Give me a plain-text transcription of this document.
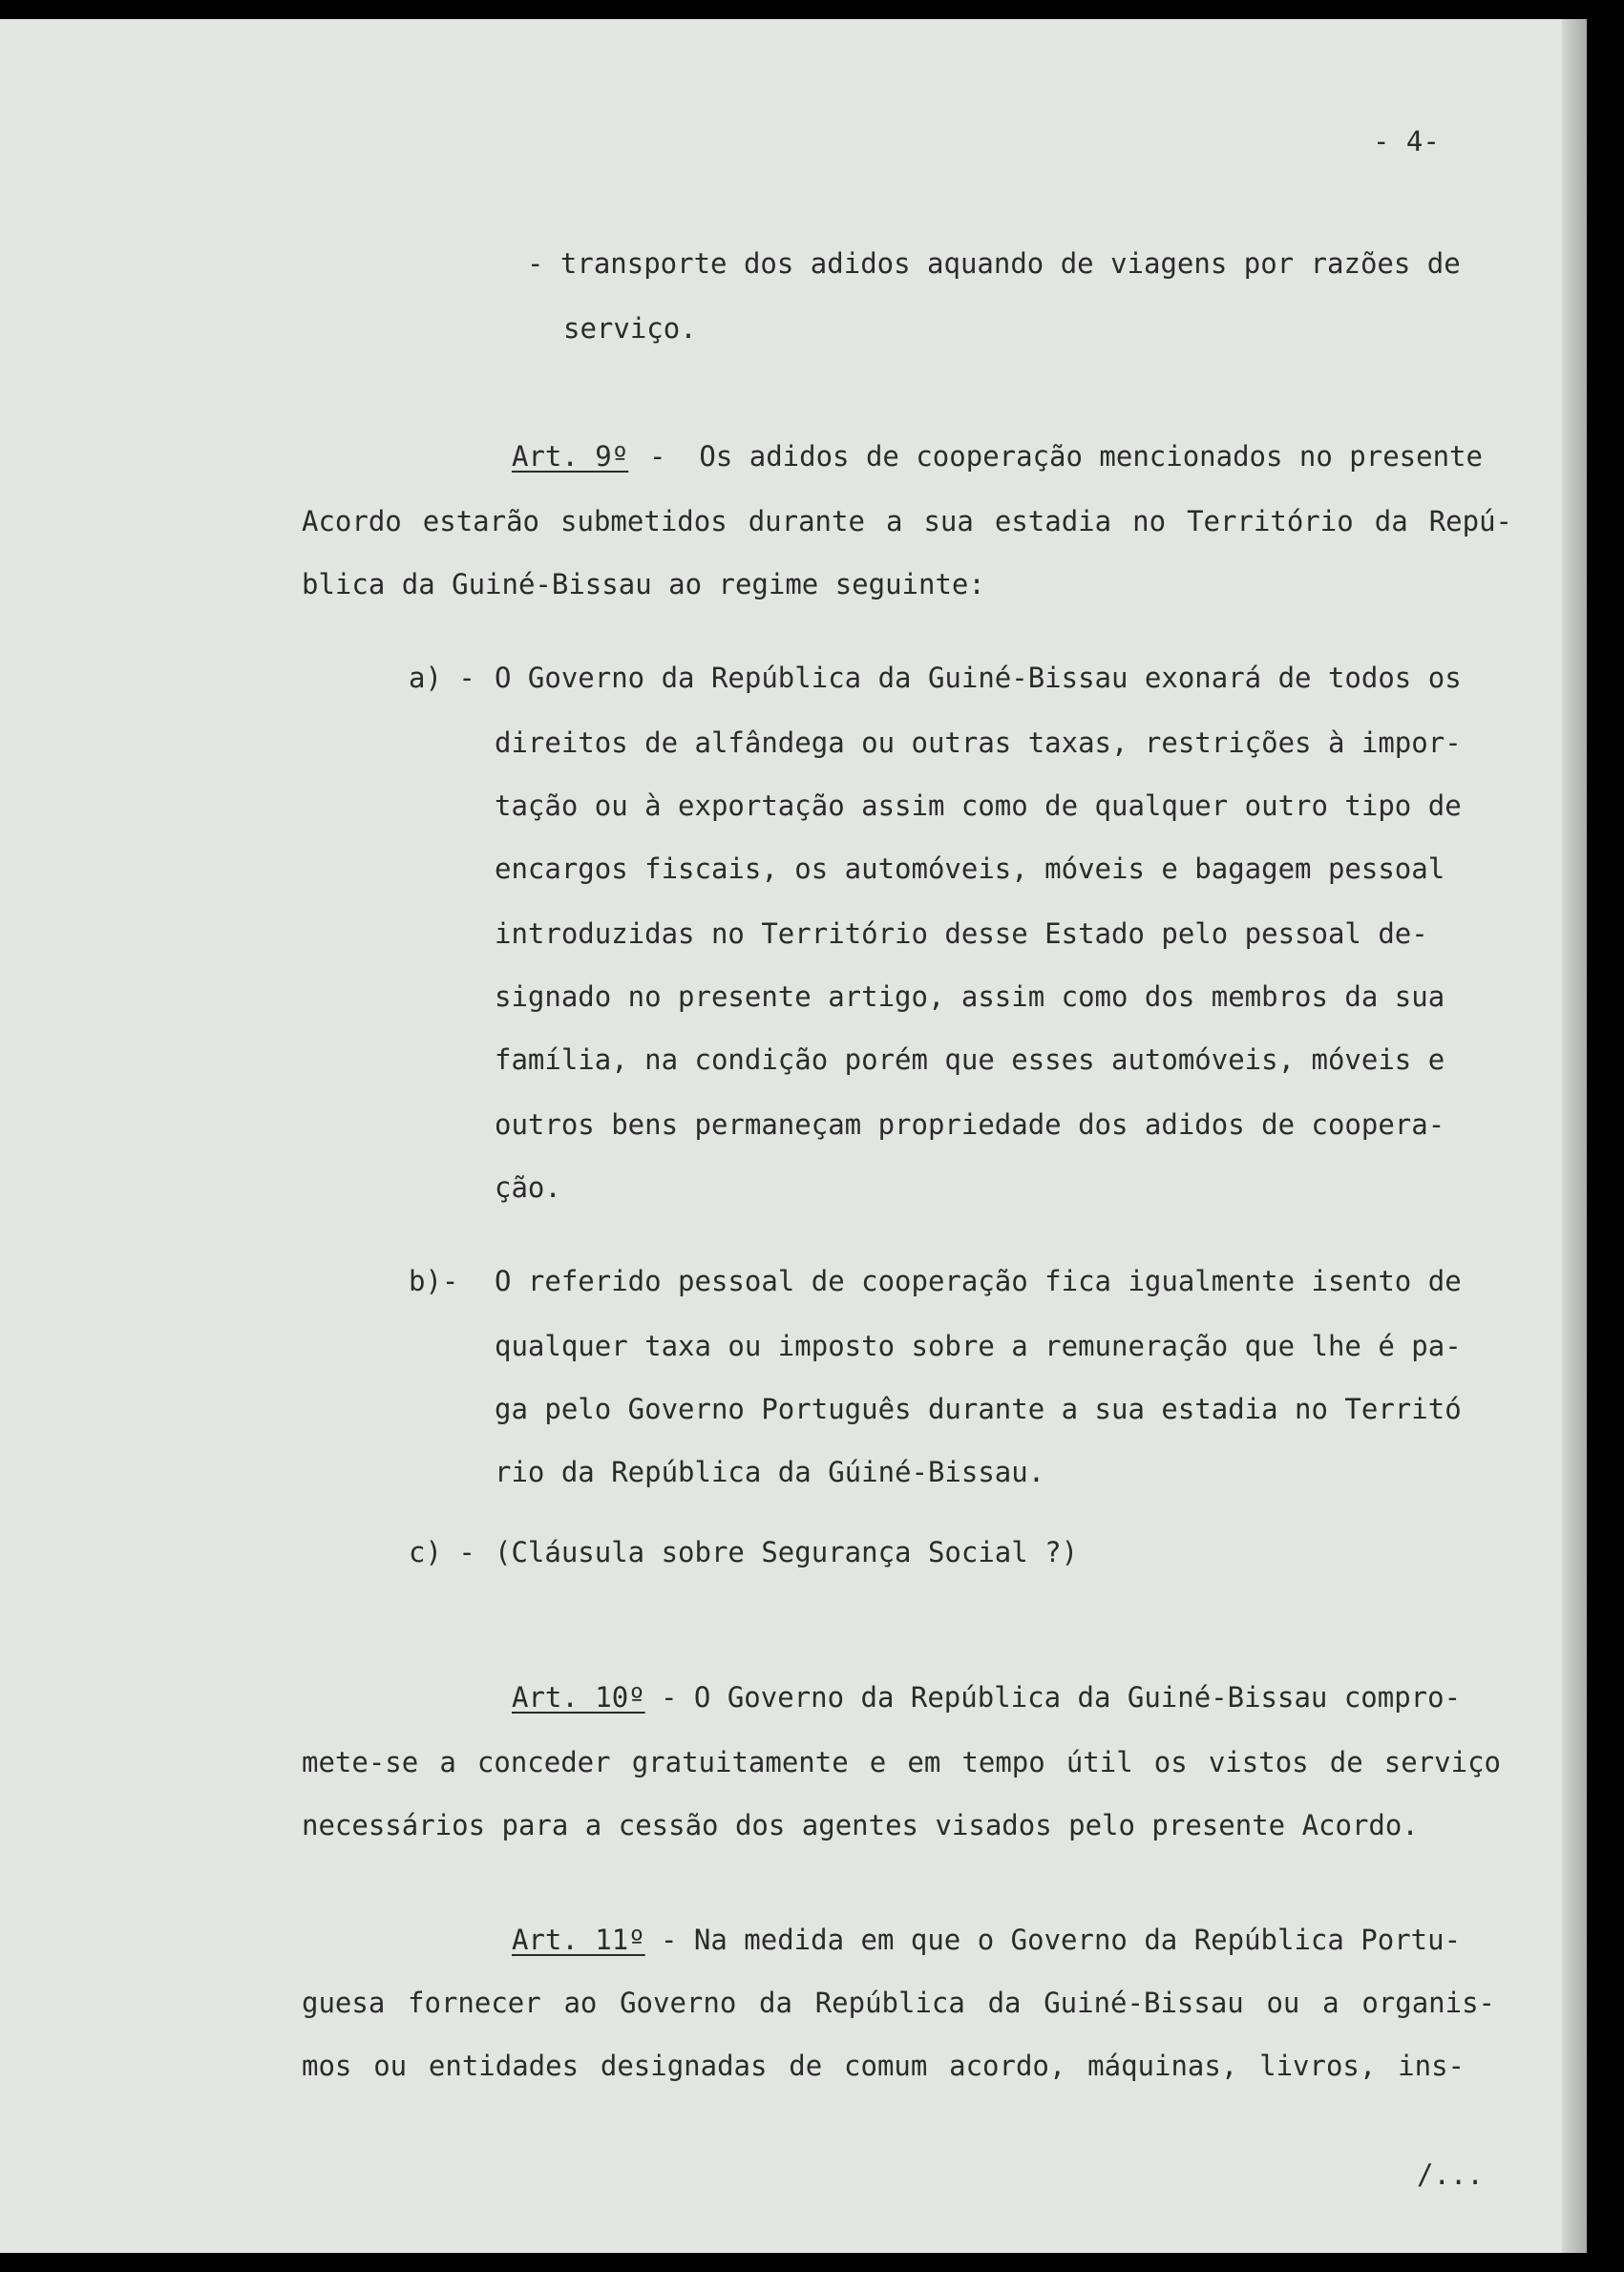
- 4-
- transporte dos adidos aquando de viagens por razões de
serviço.
Art. 9º -  Os adidos de cooperação mencionados no presente
Acordo estarão submetidos durante a sua estadia no Território da Repú-
blica da Guiné-Bissau ao regime seguinte:
a) - O Governo da República da Guiné-Bissau exonará de todos os
direitos de alfândega ou outras taxas, restrições à impor-
tação ou à exportação assim como de qualquer outro tipo de
encargos fiscais, os automóveis, móveis e bagagem pessoal
introduzidas no Território desse Estado pelo pessoal de-
signado no presente artigo, assim como dos membros da sua
família, na condição porém que esses automóveis, móveis e
outros bens permaneçam propriedade dos adidos de coopera-
ção.
b)- O referido pessoal de cooperação fica igualmente isento de
qualquer taxa ou imposto sobre a remuneração que lhe é pa-
ga pelo Governo Português durante a sua estadia no Territó
rio da República da Gúiné-Bissau.
c) - (Cláusula sobre Segurança Social ?)
Art. 10º - O Governo da República da Guiné-Bissau compro-
mete-se a conceder gratuitamente e em tempo útil os vistos de serviço
necessários para a cessão dos agentes visados pelo presente Acordo.
Art. 11º - Na medida em que o Governo da República Portu-
guesa fornecer ao Governo da República da Guiné-Bissau ou a organis-
mos ou entidades designadas de comum acordo, máquinas, livros, ins-
/...
